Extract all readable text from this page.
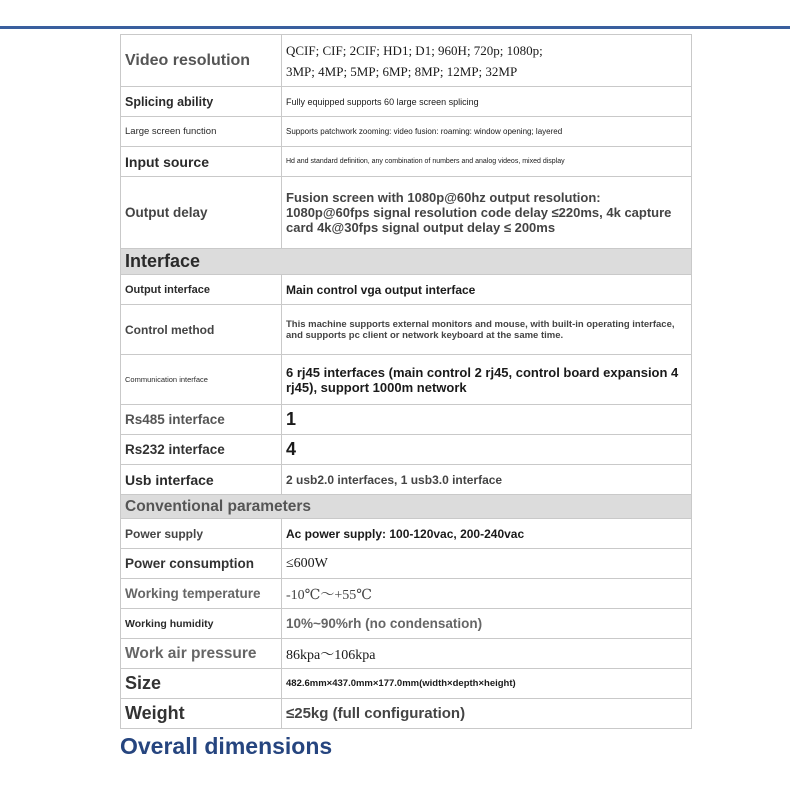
Video resolution	QCIF; CIF; 2CIF; HD1; D1; 960H; 720p; 1080p;
3MP; 4MP; 5MP; 6MP; 8MP; 12MP; 32MP

Splicing ability	Fully equipped supports 60 large screen splicing
Large screen function	Supports patchwork zooming: video fusion: roaming: window opening; layered
Input source	Hd and standard definition, any combination of numbers and analog videos, mixed display
Output delay	Fusion screen with 1080p@60hz output resolution: 1080p@60fps signal resolution code delay ≤220ms, 4k capture card 4k@30fps signal output delay ≤ 200ms
Interface	
Output interface	Main control vga output interface
Control method	This machine supports external monitors and mouse, with built-in operating interface, and supports pc client or network keyboard at the same time.
Communication interface	6 rj45 interfaces (main control 2 rj45, control board expansion 4 rj45), support 1000m network
Rs485 interface	1
Rs232 interface	4
Usb interface	2 usb2.0 interfaces, 1 usb3.0 interface
Conventional parameters	
Power supply	Ac power supply: 100-120vac, 200-240vac
Power consumption	≤600W
Working temperature	-10℃～+55℃
Working humidity	10%~90%rh (no condensation)
Work air pressure	86kpa～106kpa
Size	482.6mm×437.0mm×177.0mm(width×depth×height)
Weight	≤25kg (full configuration)
Overall dimensions
